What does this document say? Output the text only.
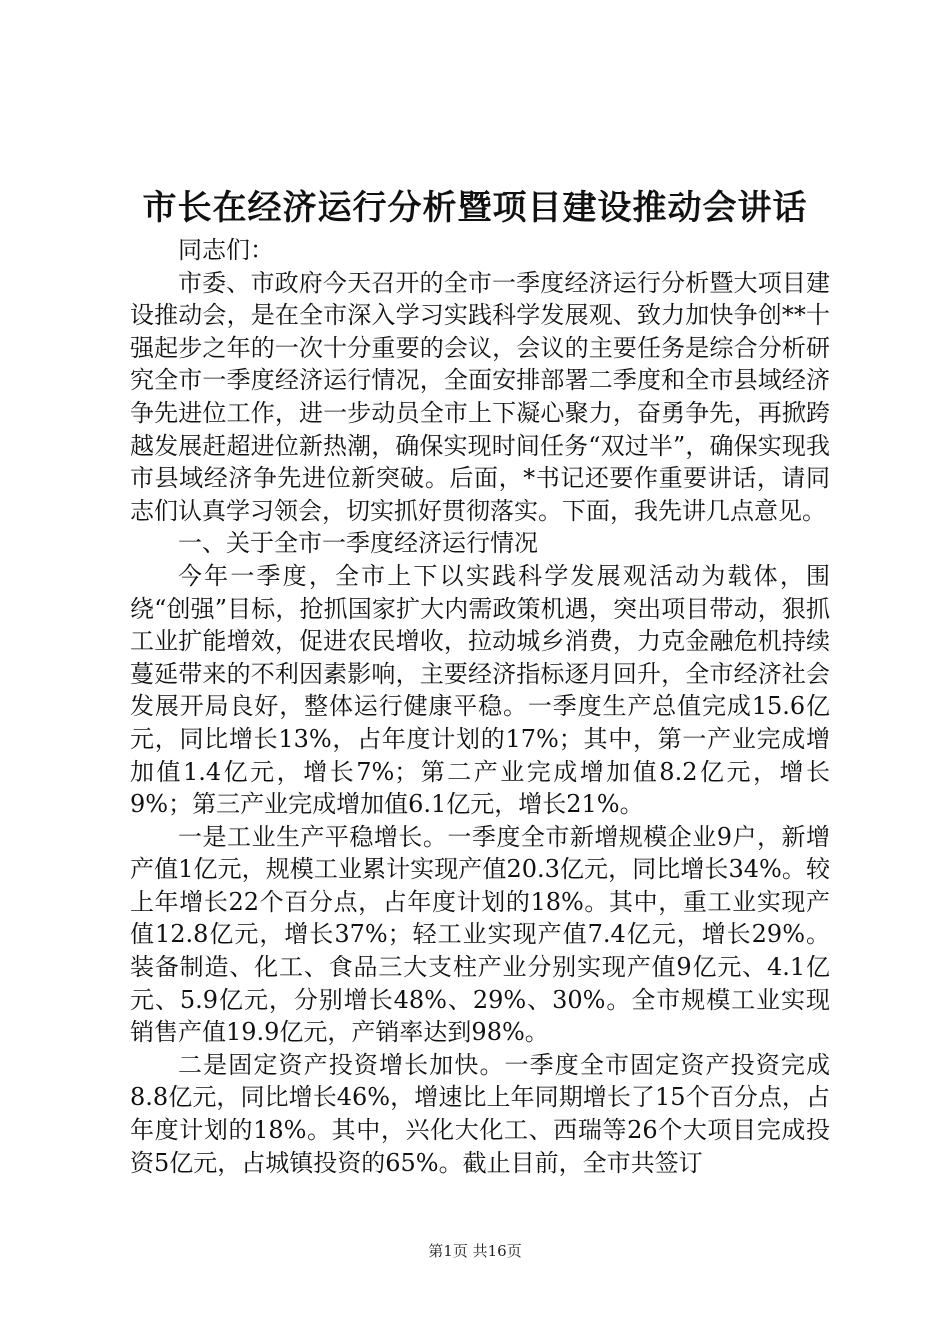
市长在经济运行分析暨项目建设推动会讲话

同志们：

市委、市政府今天召开的全市一季度经济运行分析暨大项目建设推动会，是在全市深入学习实践科学发展观、致力加快争创**十强起步之年的一次十分重要的会议，会议的主要任务是综合分析研究全市一季度经济运行情况，全面安排部署二季度和全市县域经济争先进位工作，进一步动员全市上下凝心聚力，奋勇争先，再掀跨越发展赶超进位新热潮，确保实现时间任务“双过半”，确保实现我市县域经济争先进位新突破。后面，*书记还要作重要讲话，请同志们认真学习领会，切实抓好贯彻落实。下面，我先讲几点意见。

一、关于全市一季度经济运行情况

今年一季度，全市上下以实践科学发展观活动为载体，围绕“创强”目标，抢抓国家扩大内需政策机遇，突出项目带动，狠抓工业扩能增效，促进农民增收，拉动城乡消费，力克金融危机持续蔓延带来的不利因素影响，主要经济指标逐月回升，全市经济社会发展开局良好，整体运行健康平稳。一季度生产总值完成15.6亿元，同比增长13%，占年度计划的17%；其中，第一产业完成增加值1.4亿元，增长7%；第二产业完成增加值8.2亿元，增长9%；第三产业完成增加值6.1亿元，增长21%。

一是工业生产平稳增长。一季度全市新增规模企业9户，新增产值1亿元，规模工业累计实现产值20.3亿元，同比增长34%。较上年增长22个百分点，占年度计划的18%。其中，重工业实现产值12.8亿元，增长37%；轻工业实现产值7.4亿元，增长29%。装备制造、化工、食品三大支柱产业分别实现产值9亿元、4.1亿元、5.9亿元，分别增长48%、29%、30%。全市规模工业实现销售产值19.9亿元，产销率达到98%。

二是固定资产投资增长加快。一季度全市固定资产投资完成8.8亿元，同比增长46%，增速比上年同期增长了15个百分点，占年度计划的18%。其中，兴化大化工、西瑞等26个大项目完成投资5亿元，占城镇投资的65%。截止目前，全市共签订

第1页 共16页
